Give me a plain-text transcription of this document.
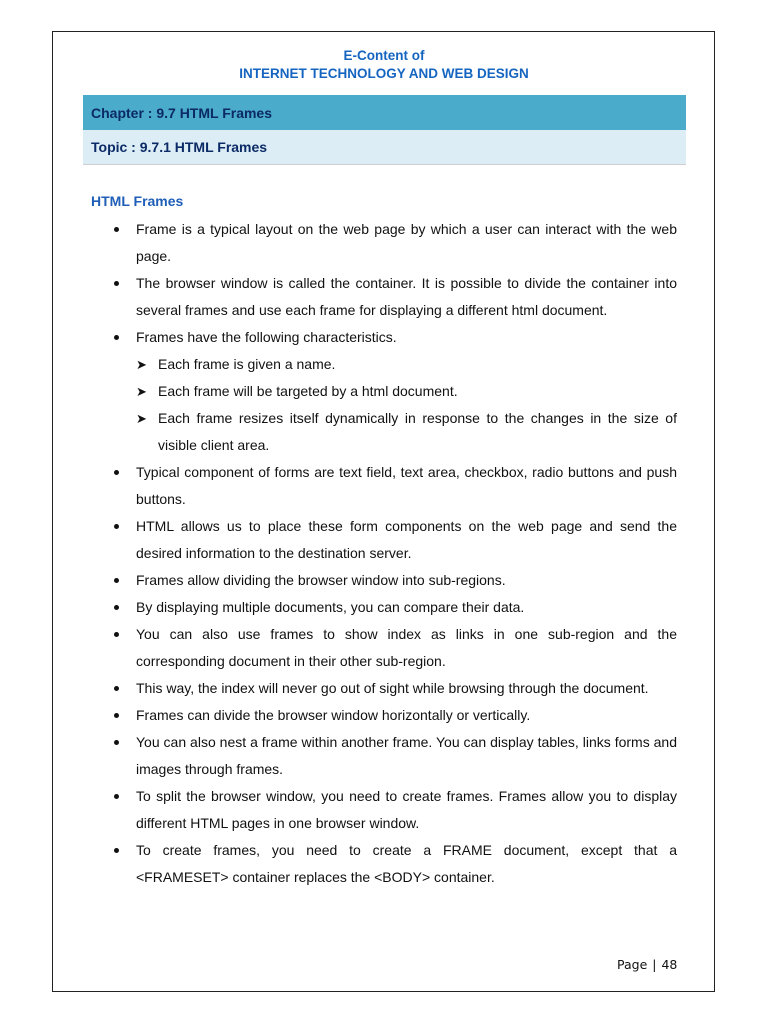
E-Content of
INTERNET TECHNOLOGY AND WEB DESIGN
Chapter : 9.7 HTML Frames
Topic : 9.7.1 HTML Frames
HTML Frames
Frame is a typical layout on the web page by which a user can interact with the web page.
The browser window is called the container. It is possible to divide the container into several frames and use each frame for displaying a different html document.
Frames have the following characteristics.
➤ Each frame is given a name.
➤ Each frame will be targeted by a html document.
➤ Each frame resizes itself dynamically in response to the changes in the size of visible client area.
Typical component of forms are text field, text area, checkbox, radio buttons and push buttons.
HTML allows us to place these form components on the web page and send the desired information to the destination server.
Frames allow dividing the browser window into sub-regions.
By displaying multiple documents, you can compare their data.
You can also use frames to show index as links in one sub-region and the corresponding document in their other sub-region.
This way, the index will never go out of sight while browsing through the document.
Frames can divide the browser window horizontally or vertically.
You can also nest a frame within another frame. You can display tables, links forms and images through frames.
To split the browser window, you need to create frames. Frames allow you to display different HTML pages in one browser window.
To create frames, you need to create a FRAME document, except that a <FRAMESET> container replaces the <BODY> container.
Page | 48
